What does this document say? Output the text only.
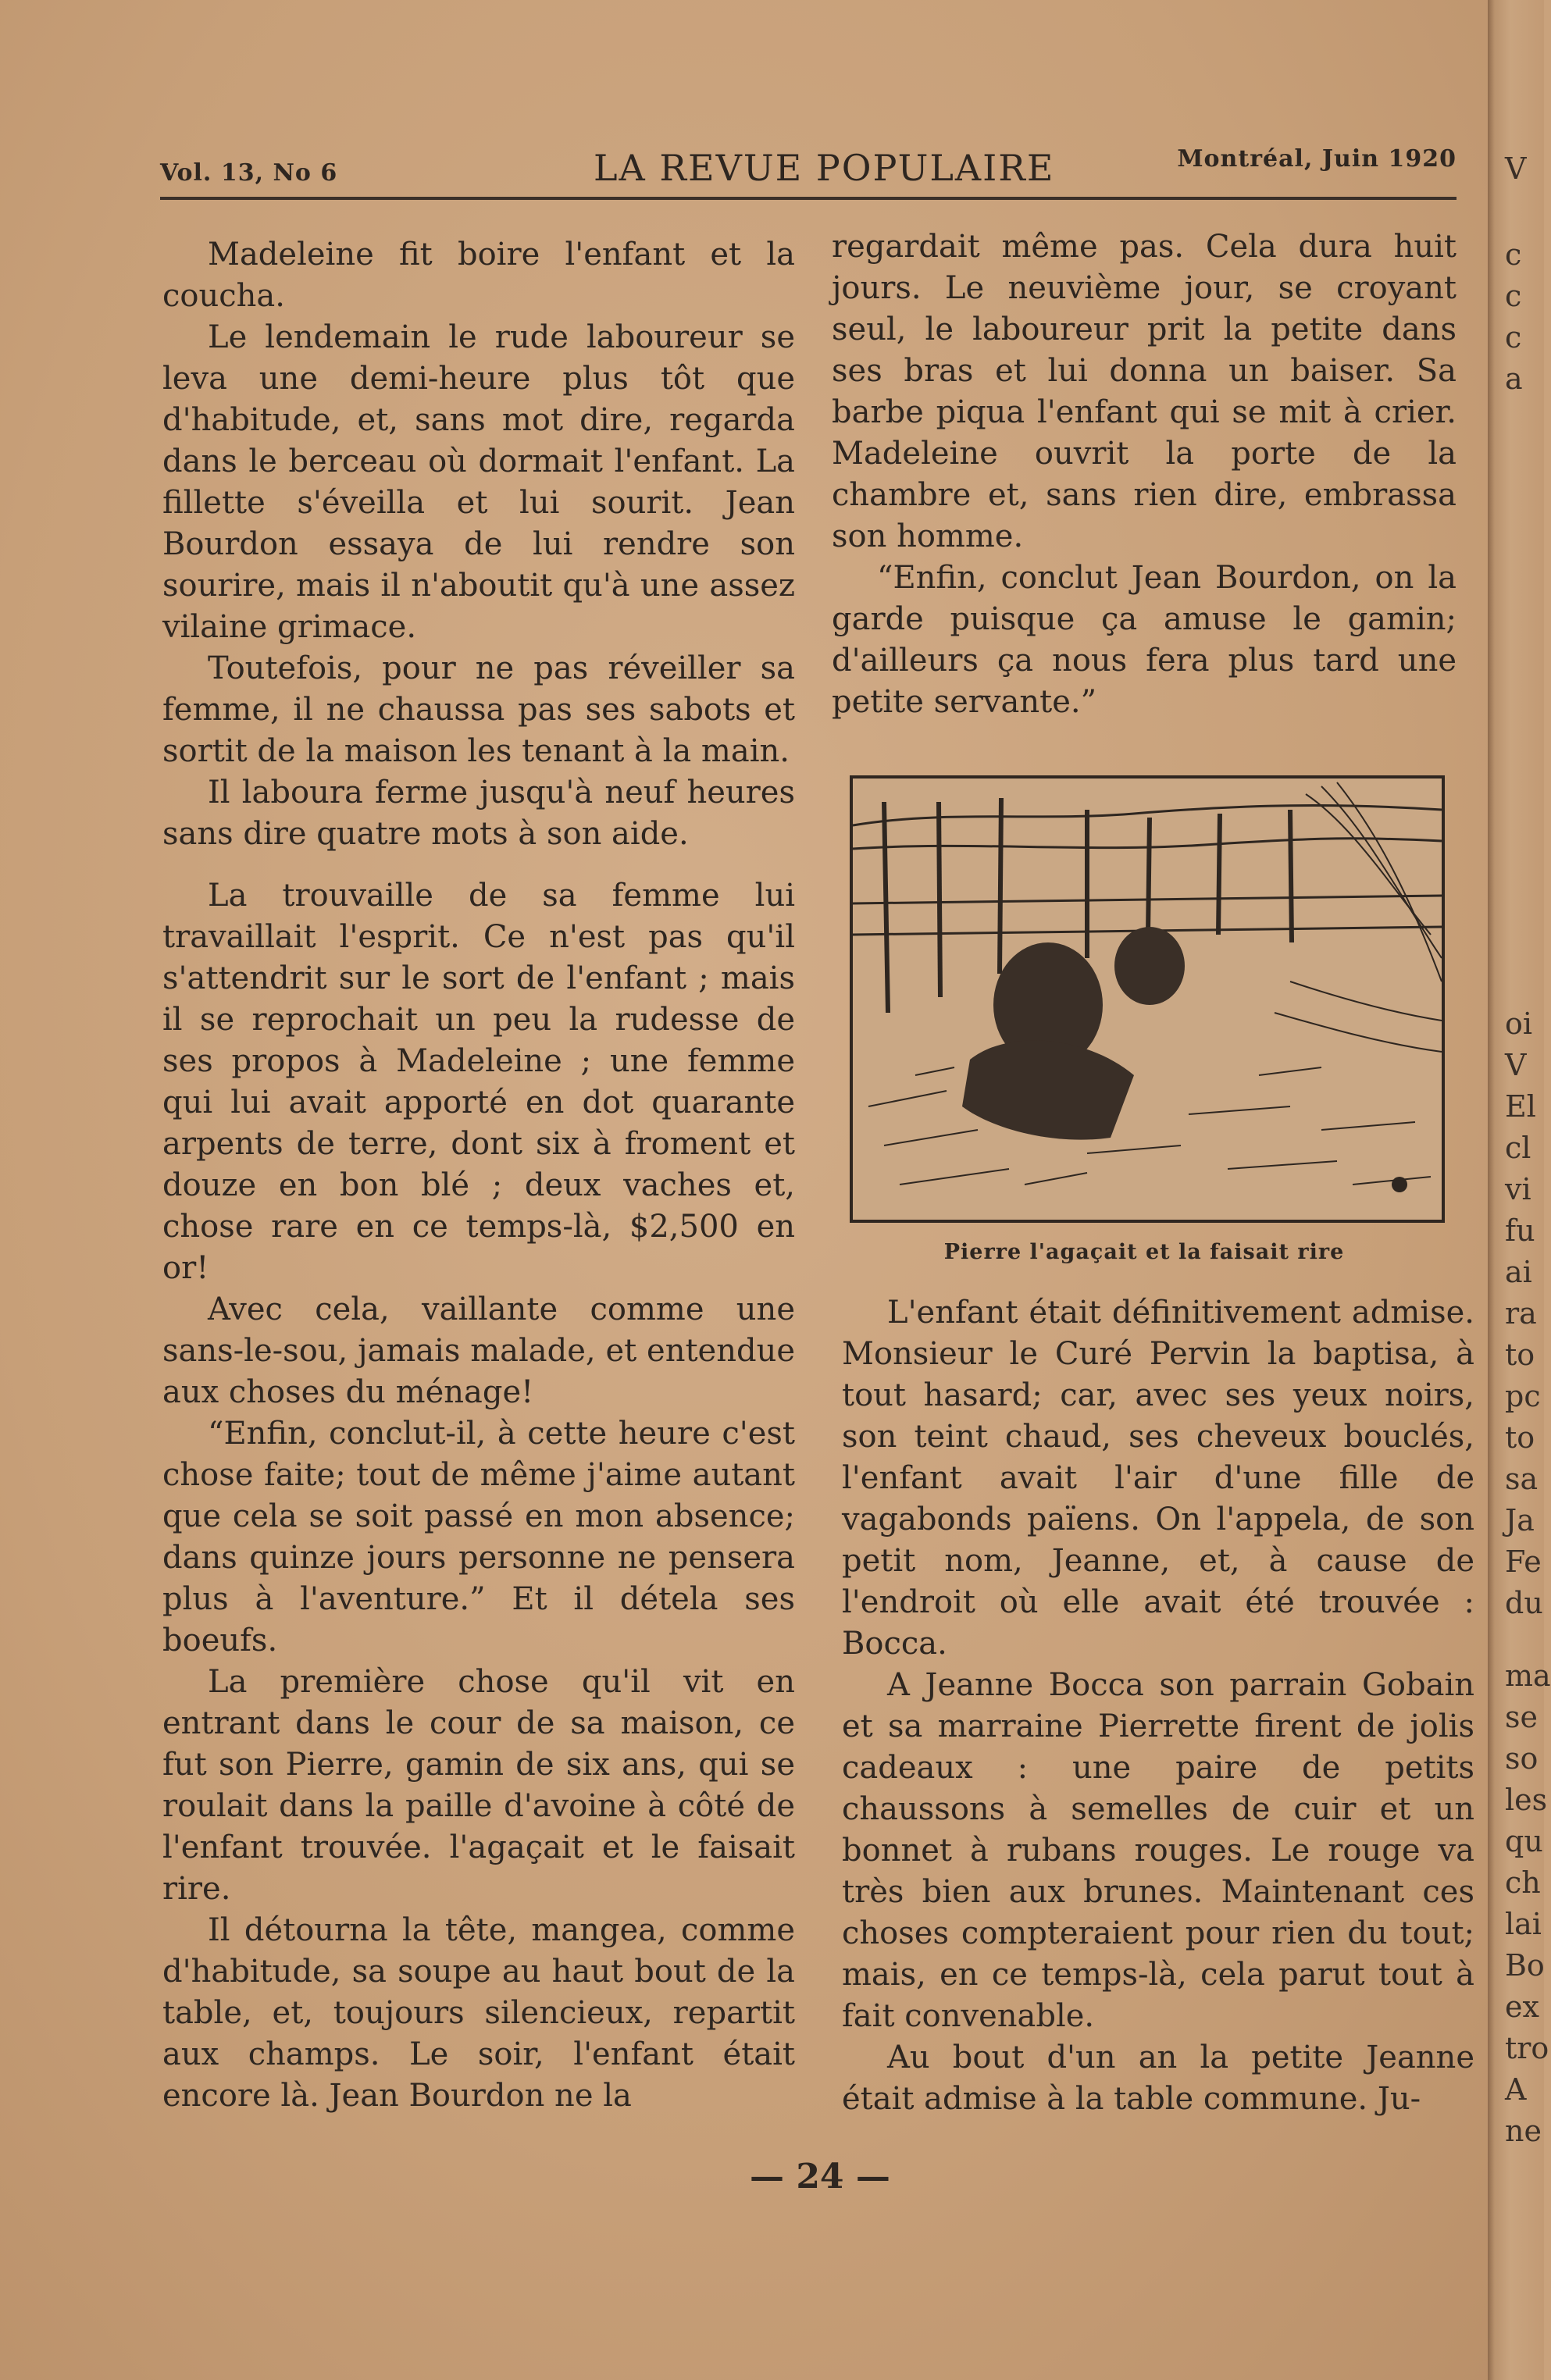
Vol. 13, No 6	LA REVUE POPULAIRE	Montréal, Juin 1920

Madeleine fit boire l'enfant et la coucha.

Le lendemain le rude laboureur se leva une demi-heure plus tôt que d'habitude, et, sans mot dire, regarda dans le berceau où dormait l'enfant. La fillette s'éveilla et lui sourit. Jean Bourdon essaya de lui rendre son sourire, mais il n'aboutit qu'à une assez vilaine grimace.

Toutefois, pour ne pas réveiller sa femme, il ne chaussa pas ses sabots et sortit de la maison les tenant à la main.

Il laboura ferme jusqu'à neuf heures sans dire quatre mots à son aide.

La trouvaille de sa femme lui travaillait l'esprit. Ce n'est pas qu'il s'attendrit sur le sort de l'enfant ; mais il se reprochait un peu la rudesse de ses propos à Madeleine ; une femme qui lui avait apporté en dot quarante arpents de terre, dont six à froment et douze en bon blé ; deux vaches et, chose rare en ce temps-là, $2,500 en or!

Avec cela, vaillante comme une sans-le-sou, jamais malade, et entendue aux choses du ménage!

“Enfin, conclut-il, à cette heure c'est chose faite; tout de même j'aime autant que cela se soit passé en mon absence; dans quinze jours personne ne pensera plus à l'aventure.” Et il détela ses boeufs.

La première chose qu'il vit en entrant dans le cour de sa maison, ce fut son Pierre, gamin de six ans, qui se roulait dans la paille d'avoine à côté de l'enfant trouvée. l'agaçait et le faisait rire.

Il détourna la tête, mangea, comme d'habitude, sa soupe au haut bout de la table, et, toujours silencieux, repartit aux champs. Le soir, l'enfant était encore là. Jean Bourdon ne la

regardait même pas. Cela dura huit jours. Le neuvième jour, se croyant seul, le laboureur prit la petite dans ses bras et lui donna un baiser. Sa barbe piqua l'enfant qui se mit à crier. Madeleine ouvrit la porte de la chambre et, sans rien dire, embrassa son homme.

“Enfin, conclut Jean Bourdon, on la garde puisque ça amuse le gamin; d'ailleurs ça nous fera plus tard une petite servante.”

Pierre l'agaçait et la faisait rire

L'enfant était définitivement admise. Monsieur le Curé Pervin la baptisa, à tout hasard; car, avec ses yeux noirs, son teint chaud, ses cheveux bouclés, l'enfant avait l'air d'une fille de vagabonds païens. On l'appela, de son petit nom, Jeanne, et, à cause de l'endroit où elle avait été trouvée : Bocca.

A Jeanne Bocca son parrain Gobain et sa marraine Pierrette firent de jolis cadeaux : une paire de petits chaussons à semelles de cuir et un bonnet à rubans rouges. Le rouge va très bien aux brunes. Maintenant ces choses compteraient pour rien du tout; mais, en ce temps-là, cela parut tout à fait convenable.

Au bout d'un an la petite Jeanne était admise à la table commune. Ju-

— 24 —
V
c
c
c
a
oi
V
El
cl
vi
fu
ai
ra
to
pc
to
sa
Ja
Fe
du
ma
se
so
les
qu
ch
lai
Bo
ex
tro
A
ne
